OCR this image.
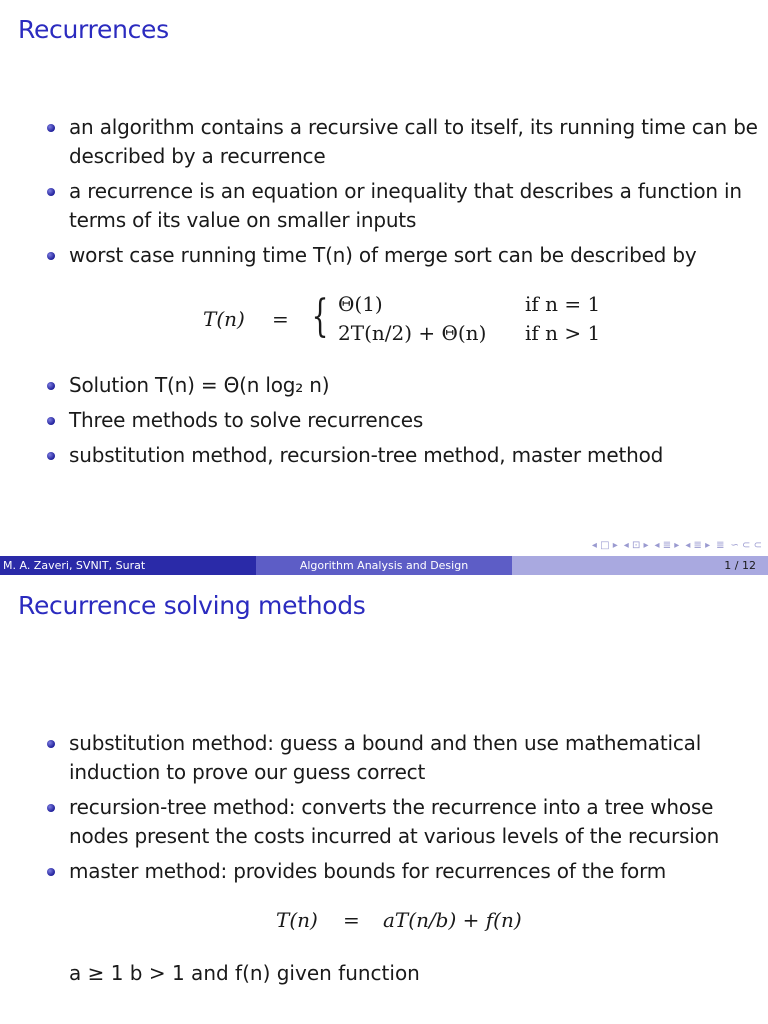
Recurrences
an algorithm contains a recursive call to itself, its running time can be described by a recurrence
a recurrence is an equation or inequality that describes a function in terms of its value on smaller inputs
worst case running time T(n) of merge sort can be described by
T(n) = { Θ(1)	if n = 1
2T(n/2) + Θ(n) if n > 1
Solution T(n) = Θ(n log₂ n)
Three methods to solve recurrences
substitution method, recursion-tree method, master method
◂ □ ▸ ◂ ⊡ ▸ ◂ ≣ ▸ ◂ ≣ ▸ ≣ ∽ ⊂ ⊂
M. A. Zaveri, SVNIT, Surat	Algorithm Analysis and Design	1 / 12
Recurrence solving methods
substitution method: guess a bound and then use mathematical induction to prove our guess correct
recursion-tree method: converts the recurrence into a tree whose nodes present the costs incurred at various levels of the recursion
master method: provides bounds for recurrences of the form
T(n) = aT(n/b) + f(n)
a ≥ 1 b > 1 and f(n) given function
